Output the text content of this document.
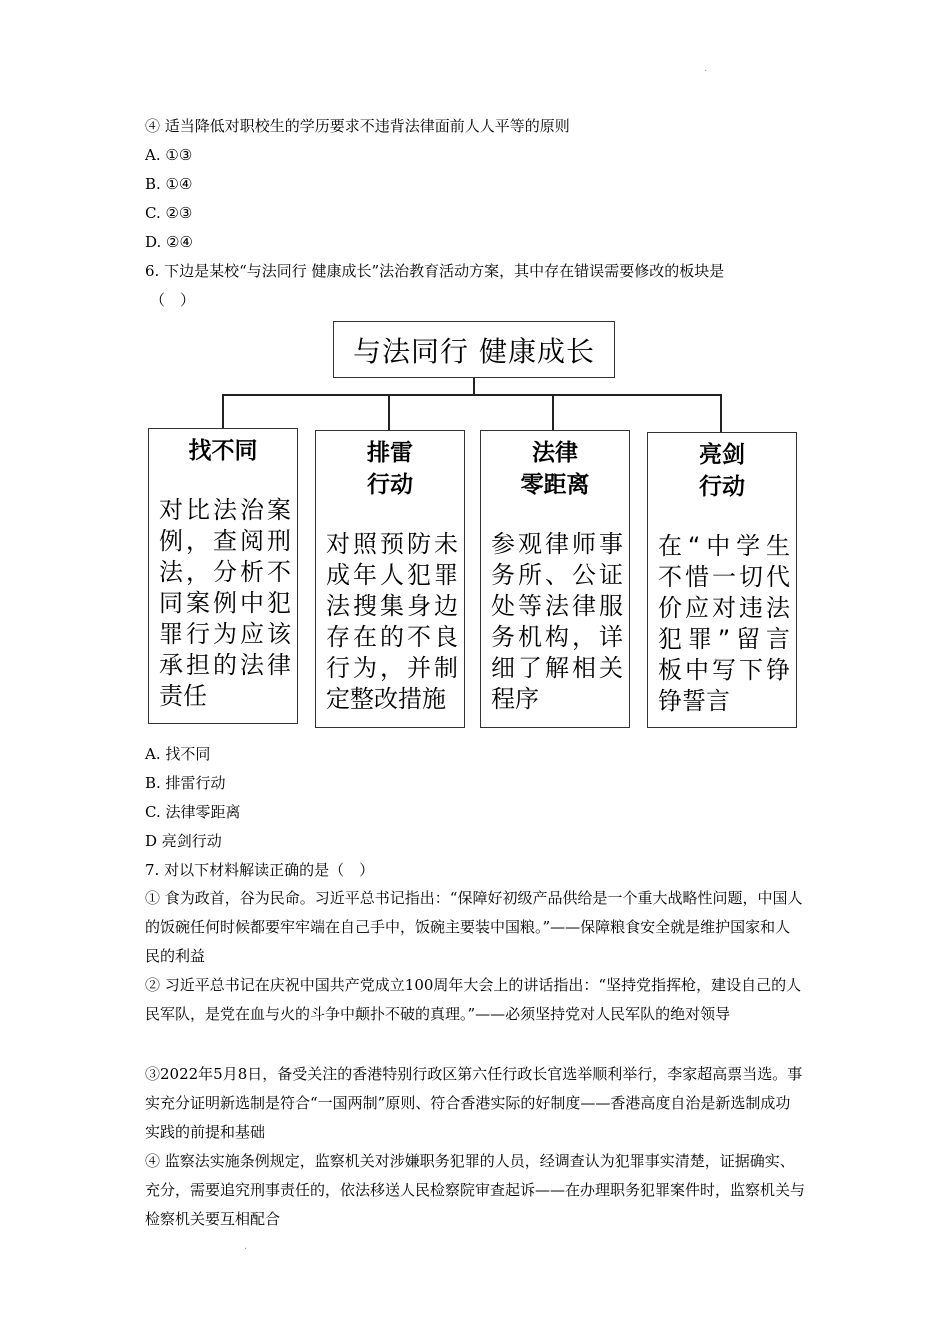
·
④ 适当降低对职校生的学历要求不违背法律面前人人平等的原则
A. ①③
B. ①④
C. ②③
D. ②④
6. 下边是某校“与法同行 健康成长”法治教育活动方案，其中存在错误需要修改的板块是
（　）
与法同行 健康成长
找不同
对比法治案例，查阅刑法，分析不同案例中犯罪行为应该承担的法律责任
排雷
行动
对照预防未成年人犯罪法搜集身边存在的不良行为，并制定整改措施
法律
零距离
参观律师事务所、公证处等法律服务机构，详细了解相关程序
亮剑
行动
在“中学生不惜一切代价应对违法犯罪”留言板中写下铮铮誓言
A. 找不同
B. 排雷行动
C. 法律零距离
D 亮剑行动
7. 对以下材料解读正确的是（　）
① 食为政首，谷为民命。习近平总书记指出：“保障好初级产品供给是一个重大战略性问题，中国人的饭碗任何时候都要牢牢端在自己手中，饭碗主要装中国粮。”——保障粮食安全就是维护国家和人民的利益
② 习近平总书记在庆祝中国共产党成立100周年大会上的讲话指出：“坚持党指挥枪，建设自己的人民军队，是党在血与火的斗争中颠扑不破的真理。”——必须坚持党对人民军队的绝对领导
③2022年5月8日，备受关注的香港特别行政区第六任行政长官选举顺利举行，李家超高票当选。事实充分证明新选制是符合“一国两制”原则、符合香港实际的好制度——香港高度自治是新选制成功实践的前提和基础
④ 监察法实施条例规定，监察机关对涉嫌职务犯罪的人员，经调查认为犯罪事实清楚，证据确实、充分，需要追究刑事责任的，依法移送人民检察院审查起诉——在办理职务犯罪案件时，监察机关与检察机关要互相配合
·
